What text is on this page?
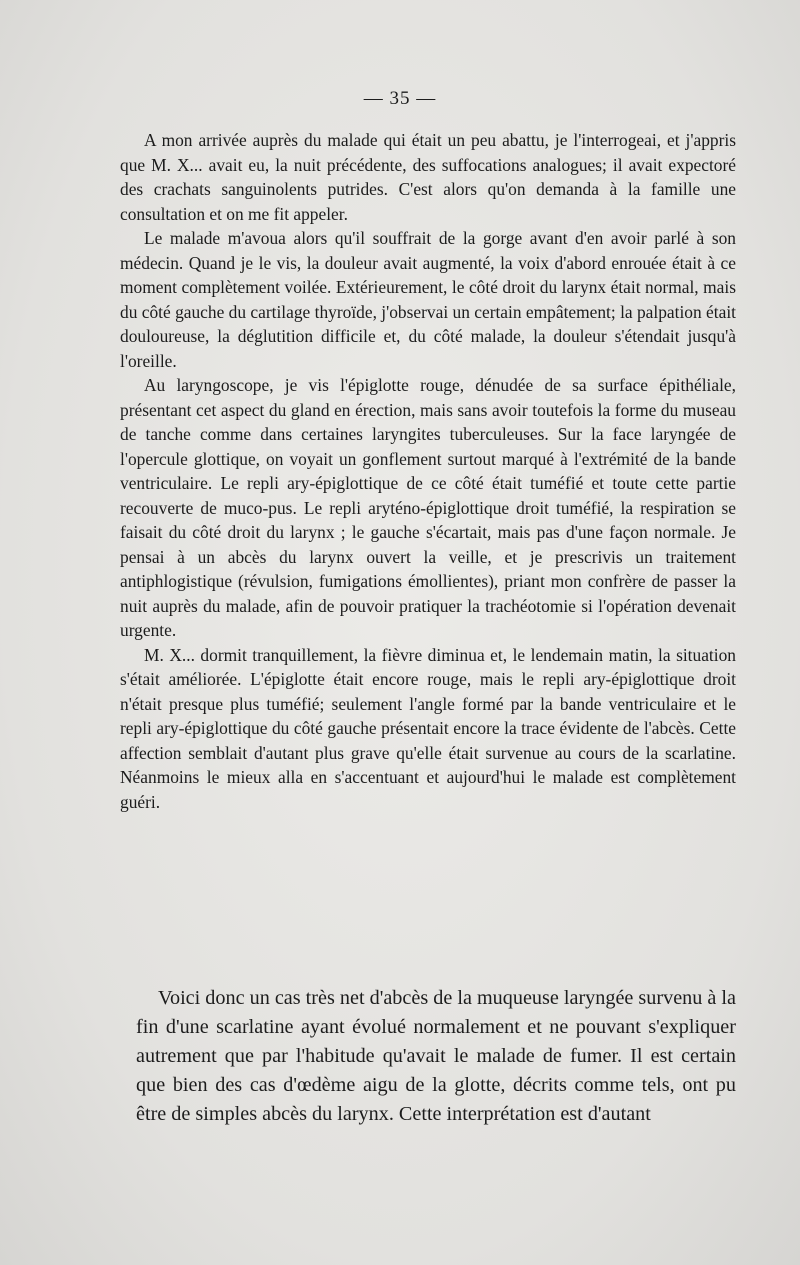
— 35 —

A mon arrivée auprès du malade qui était un peu abattu, je l'interrogeai, et j'appris que M. X... avait eu, la nuit précédente, des suffocations analogues; il avait expectoré des crachats sanguinolents putrides. C'est alors qu'on demanda à la famille une consultation et on me fit appeler.

Le malade m'avoua alors qu'il souffrait de la gorge avant d'en avoir parlé à son médecin. Quand je le vis, la douleur avait augmenté, la voix d'abord enrouée était à ce moment complètement voilée. Extérieurement, le côté droit du larynx était normal, mais du côté gauche du cartilage thyroïde, j'observai un certain empâtement; la palpation était douloureuse, la déglutition difficile et, du côté malade, la douleur s'étendait jusqu'à l'oreille.

Au laryngoscope, je vis l'épiglotte rouge, dénudée de sa surface épithéliale, présentant cet aspect du gland en érection, mais sans avoir toutefois la forme du museau de tanche comme dans certaines laryngites tuberculeuses. Sur la face laryngée de l'opercule glottique, on voyait un gonflement surtout marqué à l'extrémité de la bande ventriculaire. Le repli ary-épiglottique de ce côté était tuméfié et toute cette partie recouverte de muco-pus. Le repli aryténo-épiglottique droit tuméfié, la respiration se faisait du côté droit du larynx ; le gauche s'écartait, mais pas d'une façon normale. Je pensai à un abcès du larynx ouvert la veille, et je prescrivis un traitement antiphlogistique (révulsion, fumigations émollientes), priant mon confrère de passer la nuit auprès du malade, afin de pouvoir pratiquer la trachéotomie si l'opération devenait urgente.

M. X... dormit tranquillement, la fièvre diminua et, le lendemain matin, la situation s'était améliorée. L'épiglotte était encore rouge, mais le repli ary-épiglottique droit n'était presque plus tuméfié; seulement l'angle formé par la bande ventriculaire et le repli ary-épiglottique du côté gauche présentait encore la trace évidente de l'abcès. Cette affection semblait d'autant plus grave qu'elle était survenue au cours de la scarlatine. Néanmoins le mieux alla en s'accentuant et aujourd'hui le malade est complètement guéri.

Voici donc un cas très net d'abcès de la muqueuse laryngée survenu à la fin d'une scarlatine ayant évolué normalement et ne pouvant s'expliquer autrement que par l'habitude qu'avait le malade de fumer. Il est certain que bien des cas d'œdème aigu de la glotte, décrits comme tels, ont pu être de simples abcès du larynx. Cette interprétation est d'autant
